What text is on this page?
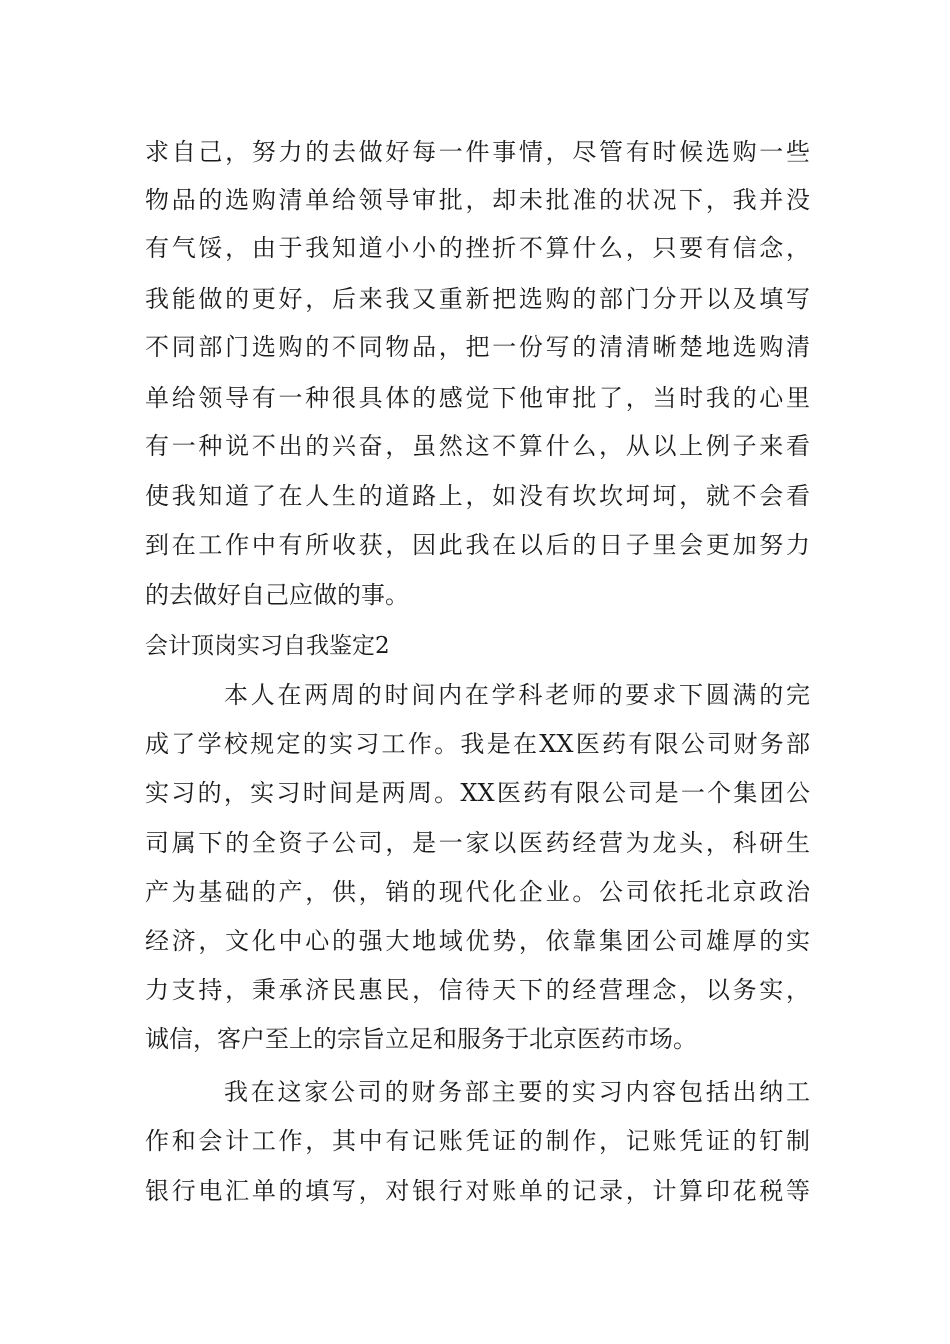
求自己，努力的去做好每一件事情，尽管有时候选购一些
物品的选购清单给领导审批，却未批准的状况下，我并没
有气馁，由于我知道小小的挫折不算什么，只要有信念，
我能做的更好，后来我又重新把选购的部门分开以及填写
不同部门选购的不同物品，把一份写的清清晰楚地选购清
单给领导有一种很具体的感觉下他审批了，当时我的心里
有一种说不出的兴奋，虽然这不算什么，从以上例子来看
使我知道了在人生的道路上，如没有坎坎坷坷，就不会看
到在工作中有所收获，因此我在以后的日子里会更加努力
的去做好自己应做的事。
会计顶岗实习自我鉴定2
本人在两周的时间内在学科老师的要求下圆满的完
成了学校规定的实习工作。我是在XX医药有限公司财务部
实习的，实习时间是两周。XX医药有限公司是一个集团公
司属下的全资子公司，是一家以医药经营为龙头，科研生
产为基础的产，供，销的现代化企业。公司依托北京政治
经济，文化中心的强大地域优势，依靠集团公司雄厚的实
力支持，秉承济民惠民，信待天下的经营理念，以务实，
诚信，客户至上的宗旨立足和服务于北京医药市场。
我在这家公司的财务部主要的实习内容包括出纳工
作和会计工作，其中有记账凭证的制作，记账凭证的钉制
银行电汇单的填写，对银行对账单的记录，计算印花税等
